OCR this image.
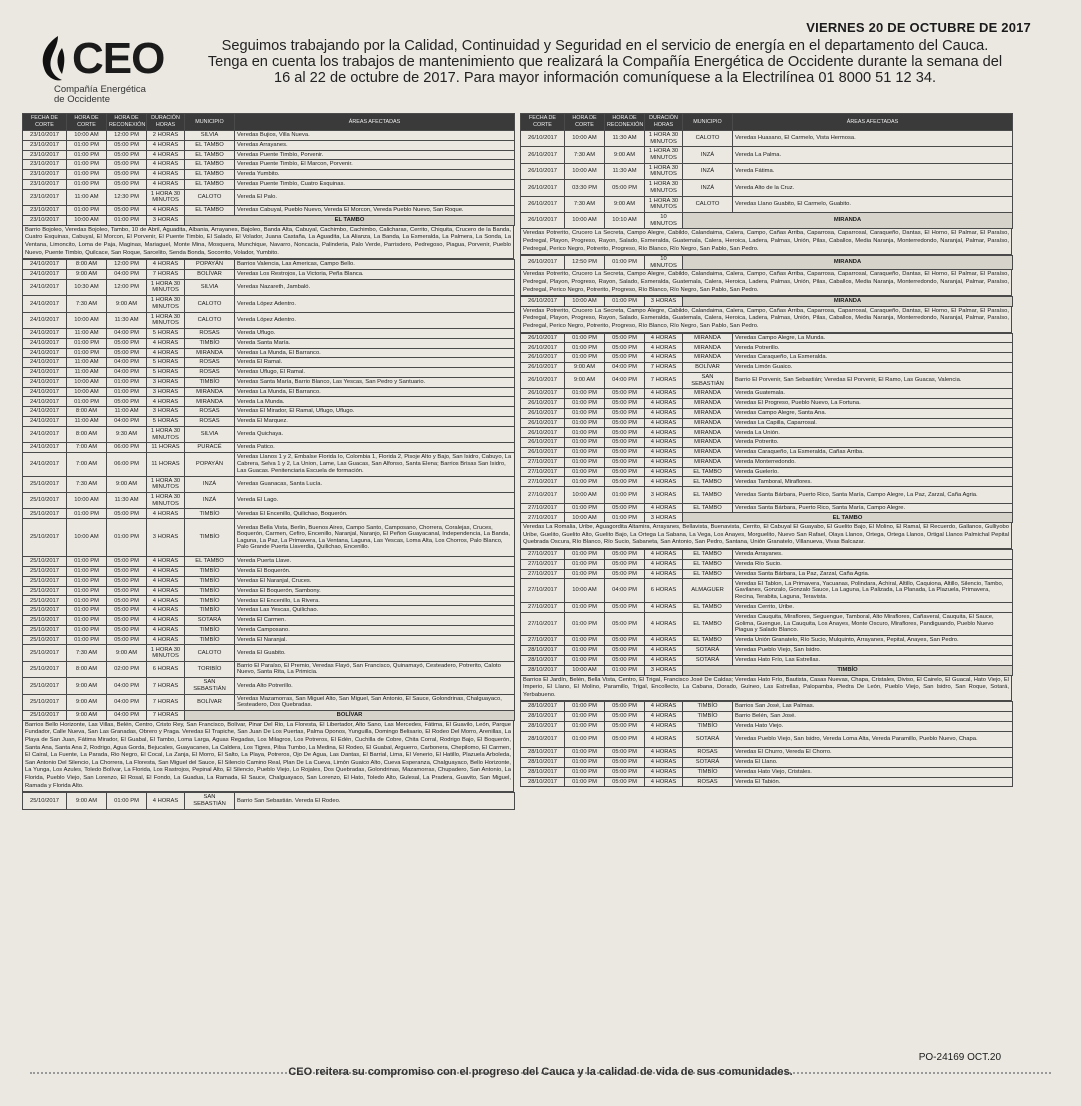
VIERNES 20 DE OCTUBRE DE 2017
CEO
Compañía Energética
de Occidente
Seguimos trabajando por la Calidad, Continuidad y Seguridad en el servicio de energía en el departamento del Cauca. Tenga en cuenta los trabajos de mantenimiento que realizará la Compañía Energética de Occidente durante la semana del 16 al 22 de octubre de 2017. Para mayor información comuníquese a la Electrilínea 01 8000 51 12 34.
FECHA DE CORTE	HORA DE CORTE	HORA DE RECONEXIÓN	DURACIÓN HORAS	MUNICIPIO	ÁREAS AFECTADAS
23/10/2017	10:00 AM	12:00 PM	2 HORAS	SILVIA	Veredas Bujios, Villa Nueva.
23/10/2017	01:00 PM	05:00 PM	4 HORAS	EL TAMBO	Veredas Arrayanes.
23/10/2017	01:00 PM	05:00 PM	4 HORAS	EL TAMBO	Veredas Puente Timbío, Porvenir.
23/10/2017	01:00 PM	05:00 PM	4 HORAS	EL TAMBO	Veredas Puente Timbío, El Marcon, Porvenir.
23/10/2017	01:00 PM	05:00 PM	4 HORAS	EL TAMBO	Vereda Yumbito.
23/10/2017	01:00 PM	05:00 PM	4 HORAS	EL TAMBO	Veredas Puente Timbío, Cuatro Esquinas.
23/10/2017	11:00 AM	12:30 PM	1 HORA 30 MINUTOS	CALOTO	Vereda El Palo.
23/10/2017	01:00 PM	05:00 PM	4 HORAS	EL TAMBO	Veredas Cabuyal, Pueblo Nuevo, Vereda El Morcon, Vereda Pueblo Nuevo, San Roque.
23/10/2017	10:00 AM	01:00 PM	3 HORAS	EL TAMBO	
Barrio Bojoleo, Veredas Bojoleo, Tambo, 10 de Abril, Aguadita, Albania, Arrayanes, Bajoleo, Banda Alta, Cabuyal, Cachimbo, Cachimbo, Calicharas, Cerrito, Chiquita, Crucero de la Banda, Cuatro Esquinas, Cabuyal, El Morcon, El Porvenir, El Puente Timbio, El Salado, El Volador, Juana Castaña, La Aguadita, La Alianza, La Banda, La Esmeralda, La Palmera, La Sonda, La Ventana, Limoncito, Loma de Paja, Maginas, Mariaguel, Monte Mina, Mosquera, Munchique, Navarro, Noncacia, Palinderia, Palo Verde, Parrisdero, Pedregoso, Piagua, Porvenir, Pueblo Nuevo, Puente Timbio, Quilcace, San Roque, Sarcelito, Senda Bonda, Socorrito, Volador, Yumbito.
24/10/2017	8:00 AM	12:00 PM	4 HORAS	POPAYÁN	Barrios Valencia, Las Americas, Campo Bello.
24/10/2017	9:00 AM	04:00 PM	7 HORAS	BOLÍVAR	Veredas Los Restrojos, La Victoria, Peña Blanca.
24/10/2017	10:30 AM	12:00 PM	1 HORA 30 MINUTOS	SILVIA	Veredas Nazareth, Jambaló.
24/10/2017	7:30 AM	9:00 AM	1 HORA 30 MINUTOS	CALOTO	Vereda López Adentro.
24/10/2017	10:00 AM	11:30 AM	1 HORA 30 MINUTOS	CALOTO	Vereda López Adentro.
24/10/2017	11:00 AM	04:00 PM	5 HORAS	ROSAS	Vereda Uflugo.
24/10/2017	01:00 PM	05:00 PM	4 HORAS	TIMBÍO	Vereda Santa María.
24/10/2017	01:00 PM	05:00 PM	4 HORAS	MIRANDA	Veredas La Munda, El Barranco.
24/10/2017	11:00 AM	04:00 PM	5 HORAS	ROSAS	Vereda El Ramal.
24/10/2017	11:00 AM	04:00 PM	5 HORAS	ROSAS	Veredas Uflugo, El Ramal.
24/10/2017	10:00 AM	01:00 PM	3 HORAS	TIMBÍO	Veredas Santa María, Barrio Blanco, Las Yescas, San Pedro y Santuario.
24/10/2017	10:00 AM	01:00 PM	3 HORAS	MIRANDA	Veredas La Munda, El Barranco.
24/10/2017	01:00 PM	05:00 PM	4 HORAS	MIRANDA	Vereda La Munda.
24/10/2017	8:00 AM	11:00 AM	3 HORAS	ROSAS	Veredas El Mirador, El Ramal, Uflugo, Uflugo.
24/10/2017	11:00 AM	04:00 PM	5 HORAS	ROSAS	Vereda El Marquez.
24/10/2017	8:00 AM	9:30 AM	1 HORA 30 MINUTOS	SILVIA	Vereda Quichaya.
24/10/2017	7:00 AM	06:00 PM	11 HORAS	PURACÉ	Vereda Patico.
24/10/2017	7:00 AM	06:00 PM	11 HORAS	POPAYÁN	Veredas Llanos 1 y 2, Embalse Florida Io, Colombia 1, Florida 2, Pisoje Alto y Bajo, San Isidro, Cabuyo, La Cabrera, Selva 1 y 2, La Union, Lame, Las Guacas, San Alfonso, Santa Elena; Barrios Brisas San Isidro, Las Guacas. Penitenciaria Escuela de formación.
25/10/2017	7:30 AM	9:00 AM	1 HORA 30 MINUTOS	INZÁ	Veredas Guanacas, Santa Lucía.
25/10/2017	10:00 AM	11:30 AM	1 HORA 30 MINUTOS	INZÁ	Vereda El Lago.
25/10/2017	01:00 PM	05:00 PM	4 HORAS	TIMBÍO	Veredas El Encenillo, Quilichao, Boquerón.
25/10/2017	10:00 AM	01:00 PM	3 HORAS	TIMBÍO	Veredas Bella Vista, Berlin, Buenos Aires, Campo Santo, Camposano, Chorrera, Coralejas, Cruces, Boquerón, Carmen, Cefiro, Encenillo, Naranjal, Naranjo, El Peñon Guayacanal, Independencia, La Banda, Laguna, La Paz, La Primavera, La Ventana, Laguna, Las Yescas, Loma Alta, Los Chorros, Palo Blanco, Palo Grande Puerta Llaverdia, Quilichao, Encenillo.
25/10/2017	01:00 PM	05:00 PM	4 HORAS	EL TAMBO	Vereda Puerta Llave.
25/10/2017	01:00 PM	05:00 PM	4 HORAS	TIMBÍO	Vereda El Boquerón.
25/10/2017	01:00 PM	05:00 PM	4 HORAS	TIMBÍO	Veredas El Naranjal, Cruces.
25/10/2017	01:00 PM	05:00 PM	4 HORAS	TIMBÍO	Veredas El Boquerón, Sambony.
25/10/2017	01:00 PM	05:00 PM	4 HORAS	TIMBÍO	Veredas El Encenillo, La Rivera.
25/10/2017	01:00 PM	05:00 PM	4 HORAS	TIMBÍO	Veredas Las Yescas, Quilichao.
25/10/2017	01:00 PM	05:00 PM	4 HORAS	SOTARÁ	Vereda El Carmen.
25/10/2017	01:00 PM	05:00 PM	4 HORAS	TIMBÍO	Vereda Camposano.
25/10/2017	01:00 PM	05:00 PM	4 HORAS	TIMBÍO	Vereda El Naranjal.
25/10/2017	7:30 AM	9:00 AM	1 HORA 30 MINUTOS	CALOTO	Vereda El Guabito.
25/10/2017	8:00 AM	02:00 PM	6 HORAS	TORIBÍO	Barrio El Paraíso, El Premio, Veredas Flayó, San Francisco, Quinamayó, Cesteadero, Potrerito, Caloto Nuevo, Santa Rita, La Primicia.
25/10/2017	9:00 AM	04:00 PM	7 HORAS	SAN SEBASTIÁN	Vereda Alto Potrerillo.
25/10/2017	9:00 AM	04:00 PM	7 HORAS	BOLÍVAR	Veredas Mazamorras, San Miguel Alto, San Miguel, San Antonio, El Sauce, Golondrinas, Chalguayaco, Sesteadero, Dos Quebradas.
25/10/2017	9:00 AM	04:00 PM	7 HORAS	BOLÍVAR	
Barrios Bello Horizonte, Las Villas, Belén, Centro, Cristo Rey, San Francisco, Bolívar, Pinar Del Rio, La Floresta, El Libertador, Alto Sano, Las Mercedes, Fátima, El Guavilo, León, Parque Fundador, Calle Nueva, San Las Granadas, Obrero y Praga. Veredas El Trapiche, San Juan De Los Puertas, Palma Oponos, Yunguilla, Domingo Belisario, El Rodeo Del Morro, Arenillas, La Playa de San Juan, Fátima Mirador, El Guabal, El Tambo, Loma Larga, Aguas Regadas, Los Milagros, Los Potreros, El Edén, Cuchilla de Cobre, Chita Corral, Rodrigo Bajo, El Boquerón, Santa Ana, Santa Ana 2, Rodrigo, Agua Gorda, Bejucales, Guayacanes, La Caldera, Los Tigres, Pilsa Tumbo, La Medina, El Rodeo, El Guabal, Arguerro, Carbonera, Chepilomo, El Carmen, El Cairal, La Fuente, La Parada, Rio Negro, El Cocal, La Zanja, El Morro, El Salto, La Playa, Potreros, Ojo De Agua, Las Dantas, El Barrial, Lima, El Venerio, El Hatillo, Plazuela Arboleda, San Antonio Del Silencio, La Chorrera, La Floresta, San Miguel del Sauce, El Silencio Camino Real, Plan De La Cueva, Limón Guaico Alto, Cueva Esperanza, Chalguayaco, Bello Horizonte, La Yunga, Los Azules, Toledo Bolívar, La Florida, Los Rastrojos, Pepinal Alto, El Silencio, Pueblo Viejo, Lo Rojales, Dos Quebradas, Golondrinas, Mazamorras, Chupadero, San Antonio, La Florida, Pueblo Viejo, San Lorenzo, El Rosal, El Fondo, La Guadua, La Ramada, El Sauce, Chalguayaco, San Lorenzo, El Hato, Toledo Alto, Gulesal, La Pradera, Guavito, San Miguel, Ramada y Florida Alto.
25/10/2017	9:00 AM	01:00 PM	4 HORAS	SAN SEBASTIÁN	Barrio San Sebastián. Vereda El Rodeo.
FECHA DE CORTE	HORA DE CORTE	HORA DE RECONEXIÓN	DURACIÓN HORAS	MUNICIPIO	ÁREAS AFECTADAS
26/10/2017	10:00 AM	11:30 AM	1 HORA 30 MINUTOS	CALOTO	Veredas Huasano, El Carmelo, Vista Hermosa.
26/10/2017	7:30 AM	9:00 AM	1 HORA 30 MINUTOS	INZÁ	Vereda La Palma.
26/10/2017	10:00 AM	11:30 AM	1 HORA 30 MINUTOS	INZÁ	Vereda Fátima.
26/10/2017	03:30 PM	05:00 PM	1 HORA 30 MINUTOS	INZÁ	Vereda Alto de la Cruz.
26/10/2017	7:30 AM	9:00 AM	1 HORA 30 MINUTOS	CALOTO	Veredas Llano Guabito, El Carmelo, Guabito.
26/10/2017	10:00 AM	10:10 AM	10 MINUTOS	MIRANDA	
Veredas Potrerito, Crucero La Secreta, Campo Alegre, Cabildo, Calandaima, Calera, Campo, Cañas Arriba, Caparrosa, Caparrosal, Caraqueño, Dantas, El Horno, El Palmar, El Paraíso, Pedregal, Playon, Progreso, Rayon, Salado, Esmeralda, Guatemala, Calera, Heroica, Ladera, Palmas, Unión, Pilas, Caballos, Media Naranja, Monterredondo, Naranjal, Palmar, Paraíso, Pedregal, Perico Negro, Potrerito, Progreso, Río Blanco, Río Negro, San Pablo, San Pedro.
26/10/2017	12:50 PM	01:00 PM	10 MINUTOS	MIRANDA
Veredas Potrerito, Crucero La Secreta, Campo Alegre, Cabildo, Calandaima, Calera, Campo, Cañas Arriba, Caparrosa, Caparrosal, Caraqueño, Dantas, El Horno, El Palmar, El Paraíso, Pedregal, Playon, Progreso, Rayon, Salado, Esmeralda, Guatemala, Calera, Heroica, Ladera, Palmas, Unión, Pilas, Caballos, Media Naranja, Monterredondo, Naranjal, Palmar, Paraíso, Pedregal, Perico Negro, Potrerito, Progreso, Río Blanco, Río Negro, San Pablo, San Pedro.
26/10/2017	10:00 AM	01:00 PM	3 HORAS	MIRANDA
Veredas Potrerito, Crucero La Secreta, Campo Alegre, Cabildo, Calandaima, Calera, Campo, Cañas Arriba, Caparrosa, Caparrosal, Caraqueño, Dantas, El Horno, El Palmar, El Paraíso, Pedregal, Playon, Progreso, Rayon, Salado, Esmeralda, Guatemala, Calera, Heroica, Ladera, Palmas, Unión, Pilas, Caballos, Media Naranja, Monterredondo, Naranjal, Palmar, Paraíso, Pedregal, Perico Negro, Potrerito, Progreso, Río Blanco, Río Negro, San Pablo, San Pedro.
26/10/2017	01:00 PM	05:00 PM	4 HORAS	MIRANDA	Veredas Campo Alegre, La Munda.
26/10/2017	01:00 PM	05:00 PM	4 HORAS	MIRANDA	Vereda Potrerillo.
26/10/2017	01:00 PM	05:00 PM	4 HORAS	MIRANDA	Veredas Caraqueño, La Esmeralda.
26/10/2017	9:00 AM	04:00 PM	7 HORAS	BOLÍVAR	Vereda Limón Guaico.
26/10/2017	9:00 AM	04:00 PM	7 HORAS	SAN SEBASTIÁN	Barrio El Porvenir, San Sebastián; Veredas El Porvenir, El Ramo, Las Guacas, Valencia.
26/10/2017	01:00 PM	05:00 PM	4 HORAS	MIRANDA	Vereda Guatemala.
26/10/2017	01:00 PM	05:00 PM	4 HORAS	MIRANDA	Veredas El Progreso, Pueblo Nuevo, La Fortuna.
26/10/2017	01:00 PM	05:00 PM	4 HORAS	MIRANDA	Veredas Campo Alegre, Santa Ana.
26/10/2017	01:00 PM	05:00 PM	4 HORAS	MIRANDA	Veredas La Capilla, Caparrosal.
26/10/2017	01:00 PM	05:00 PM	4 HORAS	MIRANDA	Vereda La Unión.
26/10/2017	01:00 PM	05:00 PM	4 HORAS	MIRANDA	Vereda Potrerito.
26/10/2017	01:00 PM	05:00 PM	4 HORAS	MIRANDA	Veredas Caraqueño, La Esmeralda, Cañas Arriba.
27/10/2017	01:00 PM	05:00 PM	4 HORAS	MIRANDA	Vereda Monterredondo.
27/10/2017	01:00 PM	05:00 PM	4 HORAS	EL TAMBO	Vereda Guelerío.
27/10/2017	01:00 PM	05:00 PM	4 HORAS	EL TAMBO	Veredas Tamboral, Miraflores.
27/10/2017	10:00 AM	01:00 PM	3 HORAS	EL TAMBO	Veredas Santa Bárbara, Puerto Rico, Santa María, Campo Alegre, La Paz, Zarzal, Caña Agria.
27/10/2017	01:00 PM	05:00 PM	4 HORAS	EL TAMBO	Veredas Santa Bárbara, Puerto Rico, Santa María, Campo Alegre.
27/10/2017	10:00 AM	01:00 PM	3 HORAS	EL TAMBO	
Veredas La Romalia, Uribe, Aguagordita Altamira, Arrayanes, Bellavista, Buenavista, Cerrito, El Cabuyal El Guayabo, El Guelito Bajo, El Molino, El Ramal, El Recuerdo, Gallanos, Gulliyobo Uribe, Guelito, Guelito Alto, Guelito Bajo, La Ortega La Sabana, La Vega, Los Anayes, Morguelito, Nuevo San Rafael, Olaya Llanos, Ortega, Ortega Llanos, Ortigal Llanos Palmichal Pepital Quebrada Oscura, Río Blanco, Río Sucio, Sabaneta, San Antonio, San Pedro, Santana, Unión Granatelo, Villanueva, Vivas Balcazar.
27/10/2017	01:00 PM	05:00 PM	4 HORAS	EL TAMBO	Vereda Arrayanes.
27/10/2017	01:00 PM	05:00 PM	4 HORAS	EL TAMBO	Vereda Río Sucio.
27/10/2017	01:00 PM	05:00 PM	4 HORAS	EL TAMBO	Veredas Santa Bárbara, La Paz, Zarzal, Caña Agria.
27/10/2017	10:00 AM	04:00 PM	6 HORAS	ALMAGUER	Veredas El Tablon, La Primavera, Yacuanas, Polindara, Achiral, Altillo, Caquiona, Altillo, Silencio, Tambo, Gavilanes, Gonzalo, Gonzalo Sauce, La Laguna, La Palizada, La Planada, La Plazuela, Primavera, Recina, Terabita, Laguna, Teravista.
27/10/2017	01:00 PM	05:00 PM	4 HORAS	EL TAMBO	Veredas Cerrito, Uribe.
27/10/2017	01:00 PM	05:00 PM	4 HORAS	EL TAMBO	Veredas Cauquita, Miraflores, Seguengue, Tamboral, Alto Miraflores, Cañaveral, Cauquita, El Sauce, Golima, Guengue, La Cauquita, Los Anayes, Monte Oscuro, Miraflores, Pandiguando, Pueblo Nuevo Piagua y Salado Blanco.
27/10/2017	01:00 PM	05:00 PM	4 HORAS	EL TAMBO	Vereda Unión Granatelo, Río Sucio, Mulquinto, Arrayanes, Pepital, Anayes, San Pedro.
28/10/2017	01:00 PM	05:00 PM	4 HORAS	SOTARÁ	Veredas Pueblo Viejo, San Isidro.
28/10/2017	01:00 PM	05:00 PM	4 HORAS	SOTARÁ	Veredas Hato Frío, Las Estrellas.
28/10/2017	10:00 AM	01:00 PM	3 HORAS	TIMBÍO	
Barrios El Jardín, Belén, Bella Vista, Centro, El Trigal, Francisco José De Caldas; Veredas Hato Frío, Bautista, Casas Nuevas, Chapa, Cristales, Diviso, El Cairelo, El Guacal, Hato Viejo, El Imperio, El Llano, El Molino, Paramillo, Trigal, Encollecto, La Cabana, Dorado, Guineo, Las Estrellas, Palopamba, Piedra De León, Pueblo Viejo, San Isidro, San Roque, Sotará, Yerbabueno.
28/10/2017	01:00 PM	05:00 PM	4 HORAS	TIMBÍO	Barrios San José, Las Palmas.
28/10/2017	01:00 PM	05:00 PM	4 HORAS	TIMBÍO	Barrio Belén, San José.
28/10/2017	01:00 PM	05:00 PM	4 HORAS	TIMBÍO	Vereda Hato Viejo.
28/10/2017	01:00 PM	05:00 PM	4 HORAS	SOTARÁ	Veredas Pueblo Viejo, San Isidro, Vereda Loma Alta, Vereda Paramillo, Pueblo Nuevo, Chapa.
28/10/2017	01:00 PM	05:00 PM	4 HORAS	ROSAS	Veredas El Churro, Vereda El Chorro.
28/10/2017	01:00 PM	05:00 PM	4 HORAS	SOTARÁ	Vereda El Llano.
28/10/2017	01:00 PM	05:00 PM	4 HORAS	TIMBÍO	Veredas Hato Viejo, Cristales.
28/10/2017	01:00 PM	05:00 PM	4 HORAS	ROSAS	Vereda El Tabión.
PO-24169 OCT.20
CEO reitera su compromiso con el progreso del Cauca y la calidad de vida de sus comunidades.
